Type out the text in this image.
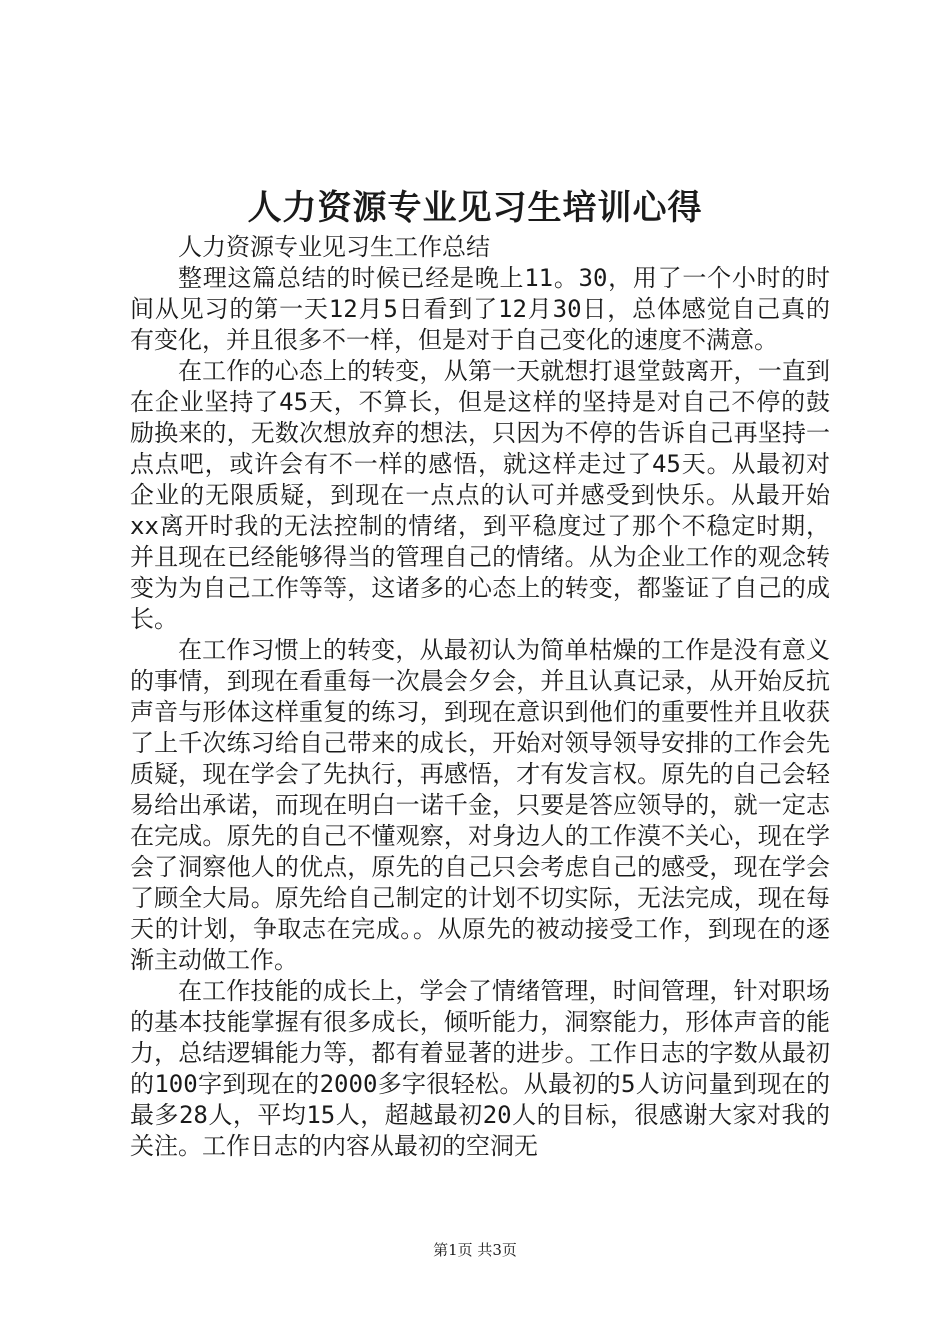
人力资源专业见习生培训心得

人力资源专业见习生工作总结

整理这篇总结的时候已经是晚上11。30，用了一个小时的时间从见习的第一天12月5日看到了12月30日，总体感觉自己真的有变化，并且很多不一样，但是对于自己变化的速度不满意。

在工作的心态上的转变，从第一天就想打退堂鼓离开，一直到在企业坚持了45天，不算长，但是这样的坚持是对自己不停的鼓励换来的，无数次想放弃的想法，只因为不停的告诉自己再坚持一点点吧，或许会有不一样的感悟，就这样走过了45天。从最初对企业的无限质疑，到现在一点点的认可并感受到快乐。从最开始xx离开时我的无法控制的情绪，到平稳度过了那个不稳定时期，并且现在已经能够得当的管理自己的情绪。从为企业工作的观念转变为为自己工作等等，这诸多的心态上的转变，都鉴证了自己的成长。

在工作习惯上的转变，从最初认为简单枯燥的工作是没有意义的事情，到现在看重每一次晨会夕会，并且认真记录，从开始反抗声音与形体这样重复的练习，到现在意识到他们的重要性并且收获了上千次练习给自己带来的成长，开始对领导领导安排的工作会先质疑，现在学会了先执行，再感悟，才有发言权。原先的自己会轻易给出承诺，而现在明白一诺千金，只要是答应领导的，就一定志在完成。原先的自己不懂观察，对身边人的工作漠不关心，现在学会了洞察他人的优点，原先的自己只会考虑自己的感受，现在学会了顾全大局。原先给自己制定的计划不切实际，无法完成，现在每天的计划，争取志在完成。。从原先的被动接受工作，到现在的逐渐主动做工作。

在工作技能的成长上，学会了情绪管理，时间管理，针对职场的基本技能掌握有很多成长，倾听能力，洞察能力，形体声音的能力，总结逻辑能力等，都有着显著的进步。工作日志的字数从最初的100字到现在的2000多字很轻松。从最初的5人访问量到现在的最多28人，平均15人，超越最初20人的目标，很感谢大家对我的关注。工作日志的内容从最初的空洞无

第1页 共3页
